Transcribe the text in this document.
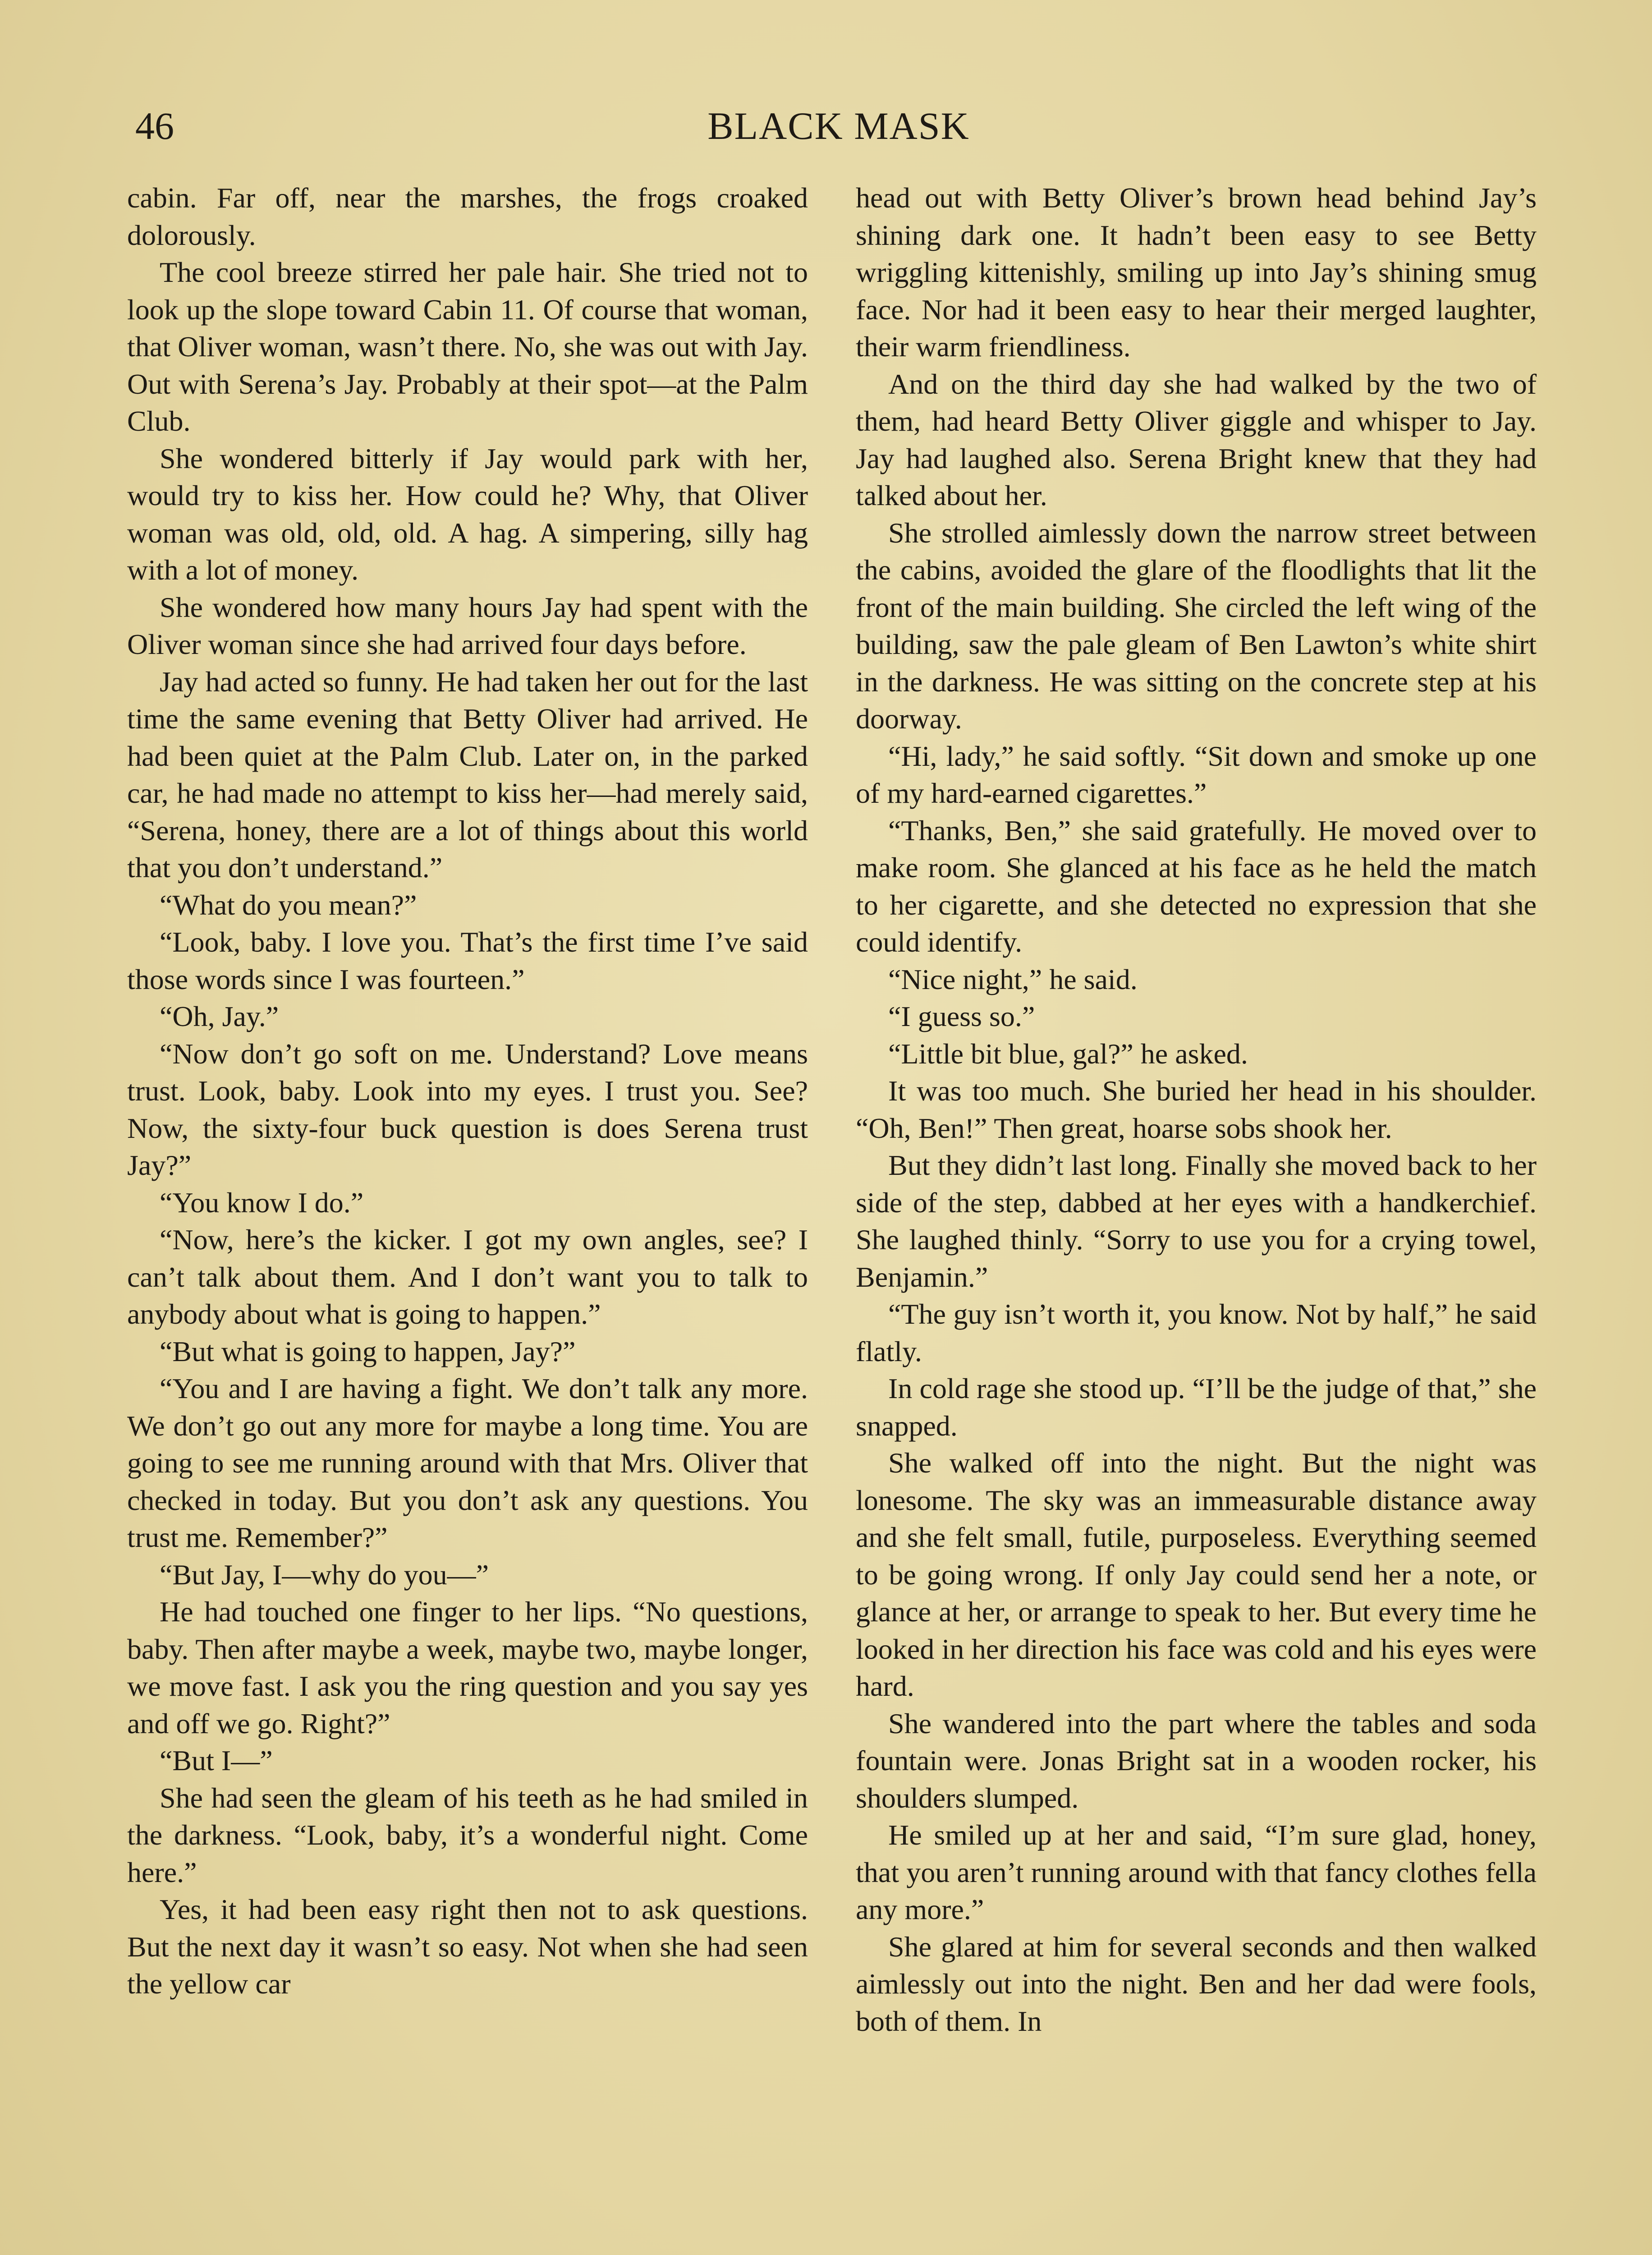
46	BLACK MASK

cabin. Far off, near the marshes, the frogs croaked dolorously.

The cool breeze stirred her pale hair. She tried not to look up the slope toward Cabin 11. Of course that woman, that Oliver woman, wasn’t there. No, she was out with Jay. Out with Serena’s Jay. Probably at their spot—at the Palm Club.

She wondered bitterly if Jay would park with her, would try to kiss her. How could he? Why, that Oliver woman was old, old, old. A hag. A simpering, silly hag with a lot of money.

She wondered how many hours Jay had spent with the Oliver woman since she had arrived four days before.

Jay had acted so funny. He had taken her out for the last time the same evening that Betty Oliver had arrived. He had been quiet at the Palm Club. Later on, in the parked car, he had made no attempt to kiss her—had merely said, “Serena, honey, there are a lot of things about this world that you don’t understand.”

“What do you mean?”

“Look, baby. I love you. That’s the first time I’ve said those words since I was fourteen.”

“Oh, Jay.”

“Now don’t go soft on me. Understand? Love means trust. Look, baby. Look into my eyes. I trust you. See? Now, the sixty-four buck question is does Serena trust Jay?”

“You know I do.”

“Now, here’s the kicker. I got my own angles, see? I can’t talk about them. And I don’t want you to talk to anybody about what is going to happen.”

“But what is going to happen, Jay?”

“You and I are having a fight. We don’t talk any more. We don’t go out any more for maybe a long time. You are going to see me running around with that Mrs. Oliver that checked in today. But you don’t ask any questions. You trust me. Remember?”

“But Jay, I—why do you—”

He had touched one finger to her lips. “No questions, baby. Then after maybe a week, maybe two, maybe longer, we move fast. I ask you the ring question and you say yes and off we go. Right?”

“But I—”

She had seen the gleam of his teeth as he had smiled in the darkness. “Look, baby, it’s a wonderful night. Come here.”

Yes, it had been easy right then not to ask questions. But the next day it wasn’t so easy. Not when she had seen the yellow car

head out with Betty Oliver’s brown head behind Jay’s shining dark one. It hadn’t been easy to see Betty wriggling kittenishly, smiling up into Jay’s shining smug face. Nor had it been easy to hear their merged laughter, their warm friendliness.

And on the third day she had walked by the two of them, had heard Betty Oliver giggle and whisper to Jay. Jay had laughed also. Serena Bright knew that they had talked about her.

She strolled aimlessly down the narrow street between the cabins, avoided the glare of the floodlights that lit the front of the main building. She circled the left wing of the building, saw the pale gleam of Ben Lawton’s white shirt in the darkness. He was sitting on the concrete step at his doorway.

“Hi, lady,” he said softly. “Sit down and smoke up one of my hard-earned cigarettes.”

“Thanks, Ben,” she said gratefully. He moved over to make room. She glanced at his face as he held the match to her cigarette, and she detected no expression that she could identify.

“Nice night,” he said.

“I guess so.”

“Little bit blue, gal?” he asked.

It was too much. She buried her head in his shoulder. “Oh, Ben!” Then great, hoarse sobs shook her.

But they didn’t last long. Finally she moved back to her side of the step, dabbed at her eyes with a handkerchief. She laughed thinly. “Sorry to use you for a crying towel, Benjamin.”

“The guy isn’t worth it, you know. Not by half,” he said flatly.

In cold rage she stood up. “I’ll be the judge of that,” she snapped.

She walked off into the night. But the night was lonesome. The sky was an immeasurable distance away and she felt small, futile, purposeless. Everything seemed to be going wrong. If only Jay could send her a note, or glance at her, or arrange to speak to her. But every time he looked in her direction his face was cold and his eyes were hard.

She wandered into the part where the tables and soda fountain were. Jonas Bright sat in a wooden rocker, his shoulders slumped.

He smiled up at her and said, “I’m sure glad, honey, that you aren’t running around with that fancy clothes fella any more.”

She glared at him for several seconds and then walked aimlessly out into the night. Ben and her dad were fools, both of them. In
